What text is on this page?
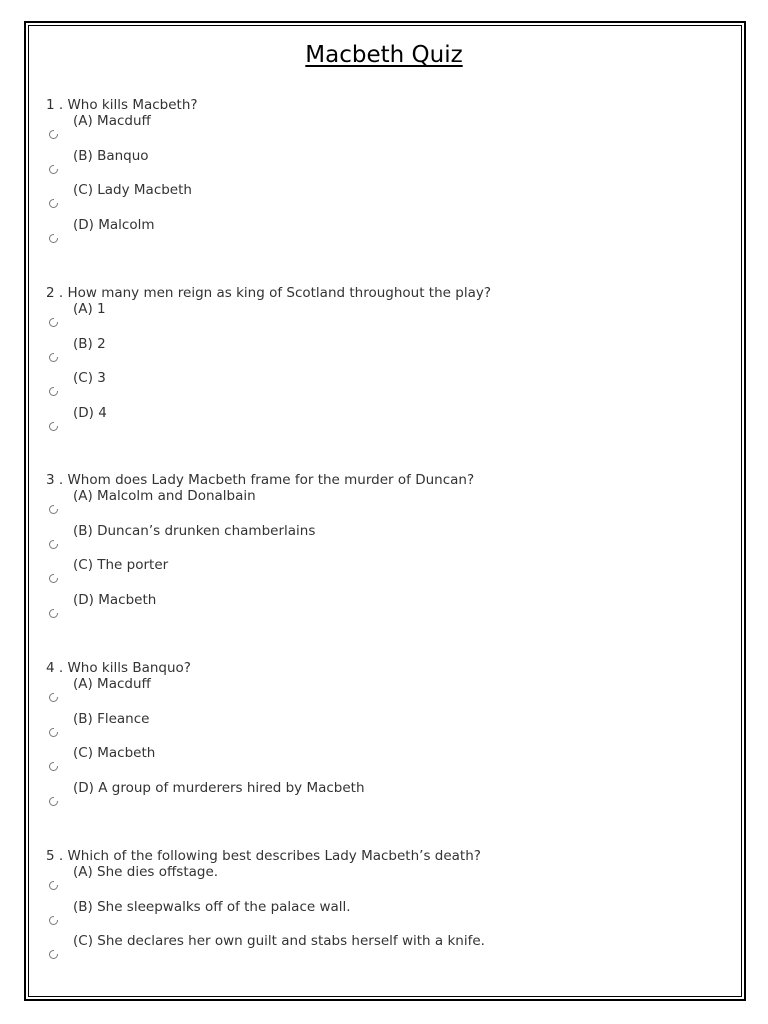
Macbeth Quiz
1 . Who kills Macbeth?
(A) Macduff
(B) Banquo
(C) Lady Macbeth
(D) Malcolm
2 . How many men reign as king of Scotland throughout the play?
(A) 1
(B) 2
(C) 3
(D) 4
3 . Whom does Lady Macbeth frame for the murder of Duncan?
(A) Malcolm and Donalbain
(B) Duncan’s drunken chamberlains
(C) The porter
(D) Macbeth
4 . Who kills Banquo?
(A) Macduff
(B) Fleance
(C) Macbeth
(D) A group of murderers hired by Macbeth
5 . Which of the following best describes Lady Macbeth’s death?
(A) She dies offstage.
(B) She sleepwalks off of the palace wall.
(C) She declares her own guilt and stabs herself with a knife.
